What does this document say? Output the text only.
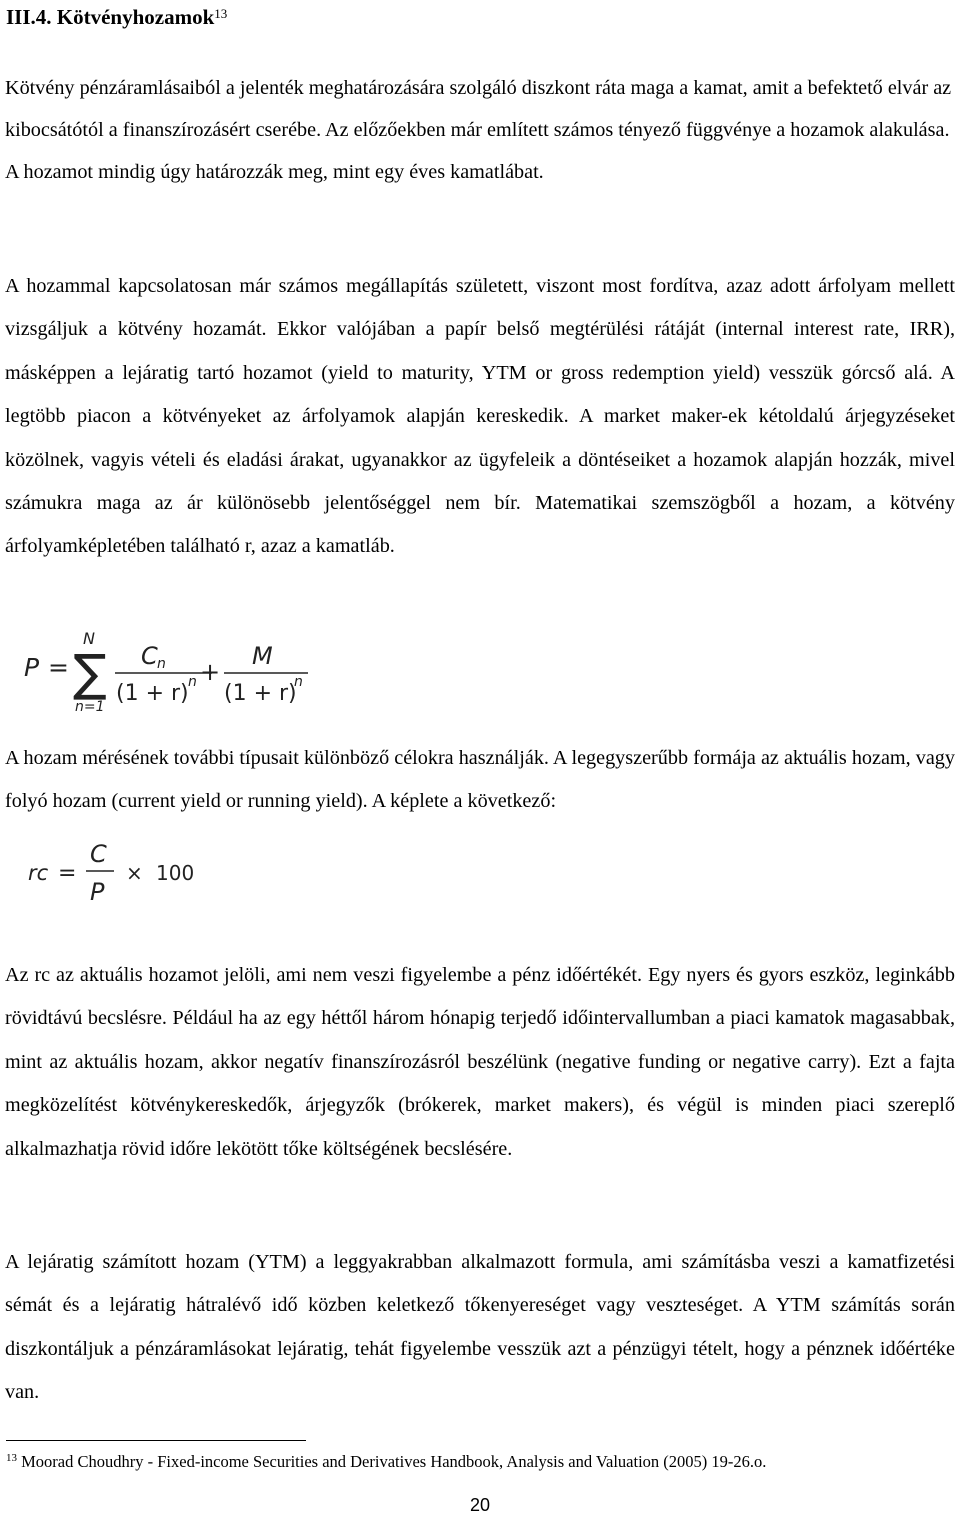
III.4. Kötvényhozamok$^{13}$

Kötvény pénzáramlásaiból a jelenték meghatározására szolgáló diszkont ráta maga a kamat, amit a befektető elvár az kibocsátótól a finanszírozásért cserébe. Az előzőekben már említett számos tényező függvénye a hozamok alakulása. A hozamot mindig úgy határozzák meg, mint egy éves kamatlábat.

A hozammal kapcsolatosan már számos megállapítás született, viszont most fordítva, azaz adott árfolyam mellett vizsgáljuk a kötvény hozamát. Ekkor valójában a papír belső megtérülési rátáját (internal interest rate, IRR), másképpen a lejáratig tartó hozamot (yield to maturity, YTM or gross redemption yield) vesszük górcső alá. A legtöbb piacon a kötvényeket az árfolyamok alapján kereskedik. A market maker-ek kétoldalú árjegyzéseket közölnek, vagyis vételi és eladási árakat, ugyanakkor az ügyfeleik a döntéseiket a hozamok alapján hozzák, mivel számukra maga az ár különösebb jelentőséggel nem bír. Matematikai szemszögből a hozam, a kötvény árfolyamképletében található r, azaz a kamatláb.

P =
N
∑
n=1
C n
(1 + r) n +
M
(1 + r)
n

A hozam mérésének további típusait különböző célokra használják. A legegyszerűbb formája az aktuális hozam, vagy folyó hozam (current yield or running yield). A képlete a következő:

rc =
C
P
× 100

Az rc az aktuális hozamot jelöli, ami nem veszi figyelembe a pénz időértékét. Egy nyers és gyors eszköz, leginkább rövidtávú becslésre. Például ha az egy héttől három hónapig terjedő időintervallumban a piaci kamatok magasabbak, mint az aktuális hozam, akkor negatív finanszírozásról beszélünk (negative funding or negative carry). Ezt a fajta megközelítést kötvénykereskedők, árjegyzők (brókerek, market makers), és végül is minden piaci szereplő alkalmazhatja rövid időre lekötött tőke költségének becslésére.

A lejáratig számított hozam (YTM) a leggyakrabban alkalmazott formula, ami számításba veszi a kamatfizetési sémát és a lejáratig hátralévő idő közben keletkező tőkenyereséget vagy veszteséget. A YTM számítás során diszkontáljuk a pénzáramlásokat lejáratig, tehát figyelembe vesszük azt a pénzügyi tételt, hogy a pénznek időértéke van.

$^{13}$ Moorad Choudhry - Fixed-income Securities and Derivatives Handbook, Analysis and Valuation (2005) 19-26.o.
20
